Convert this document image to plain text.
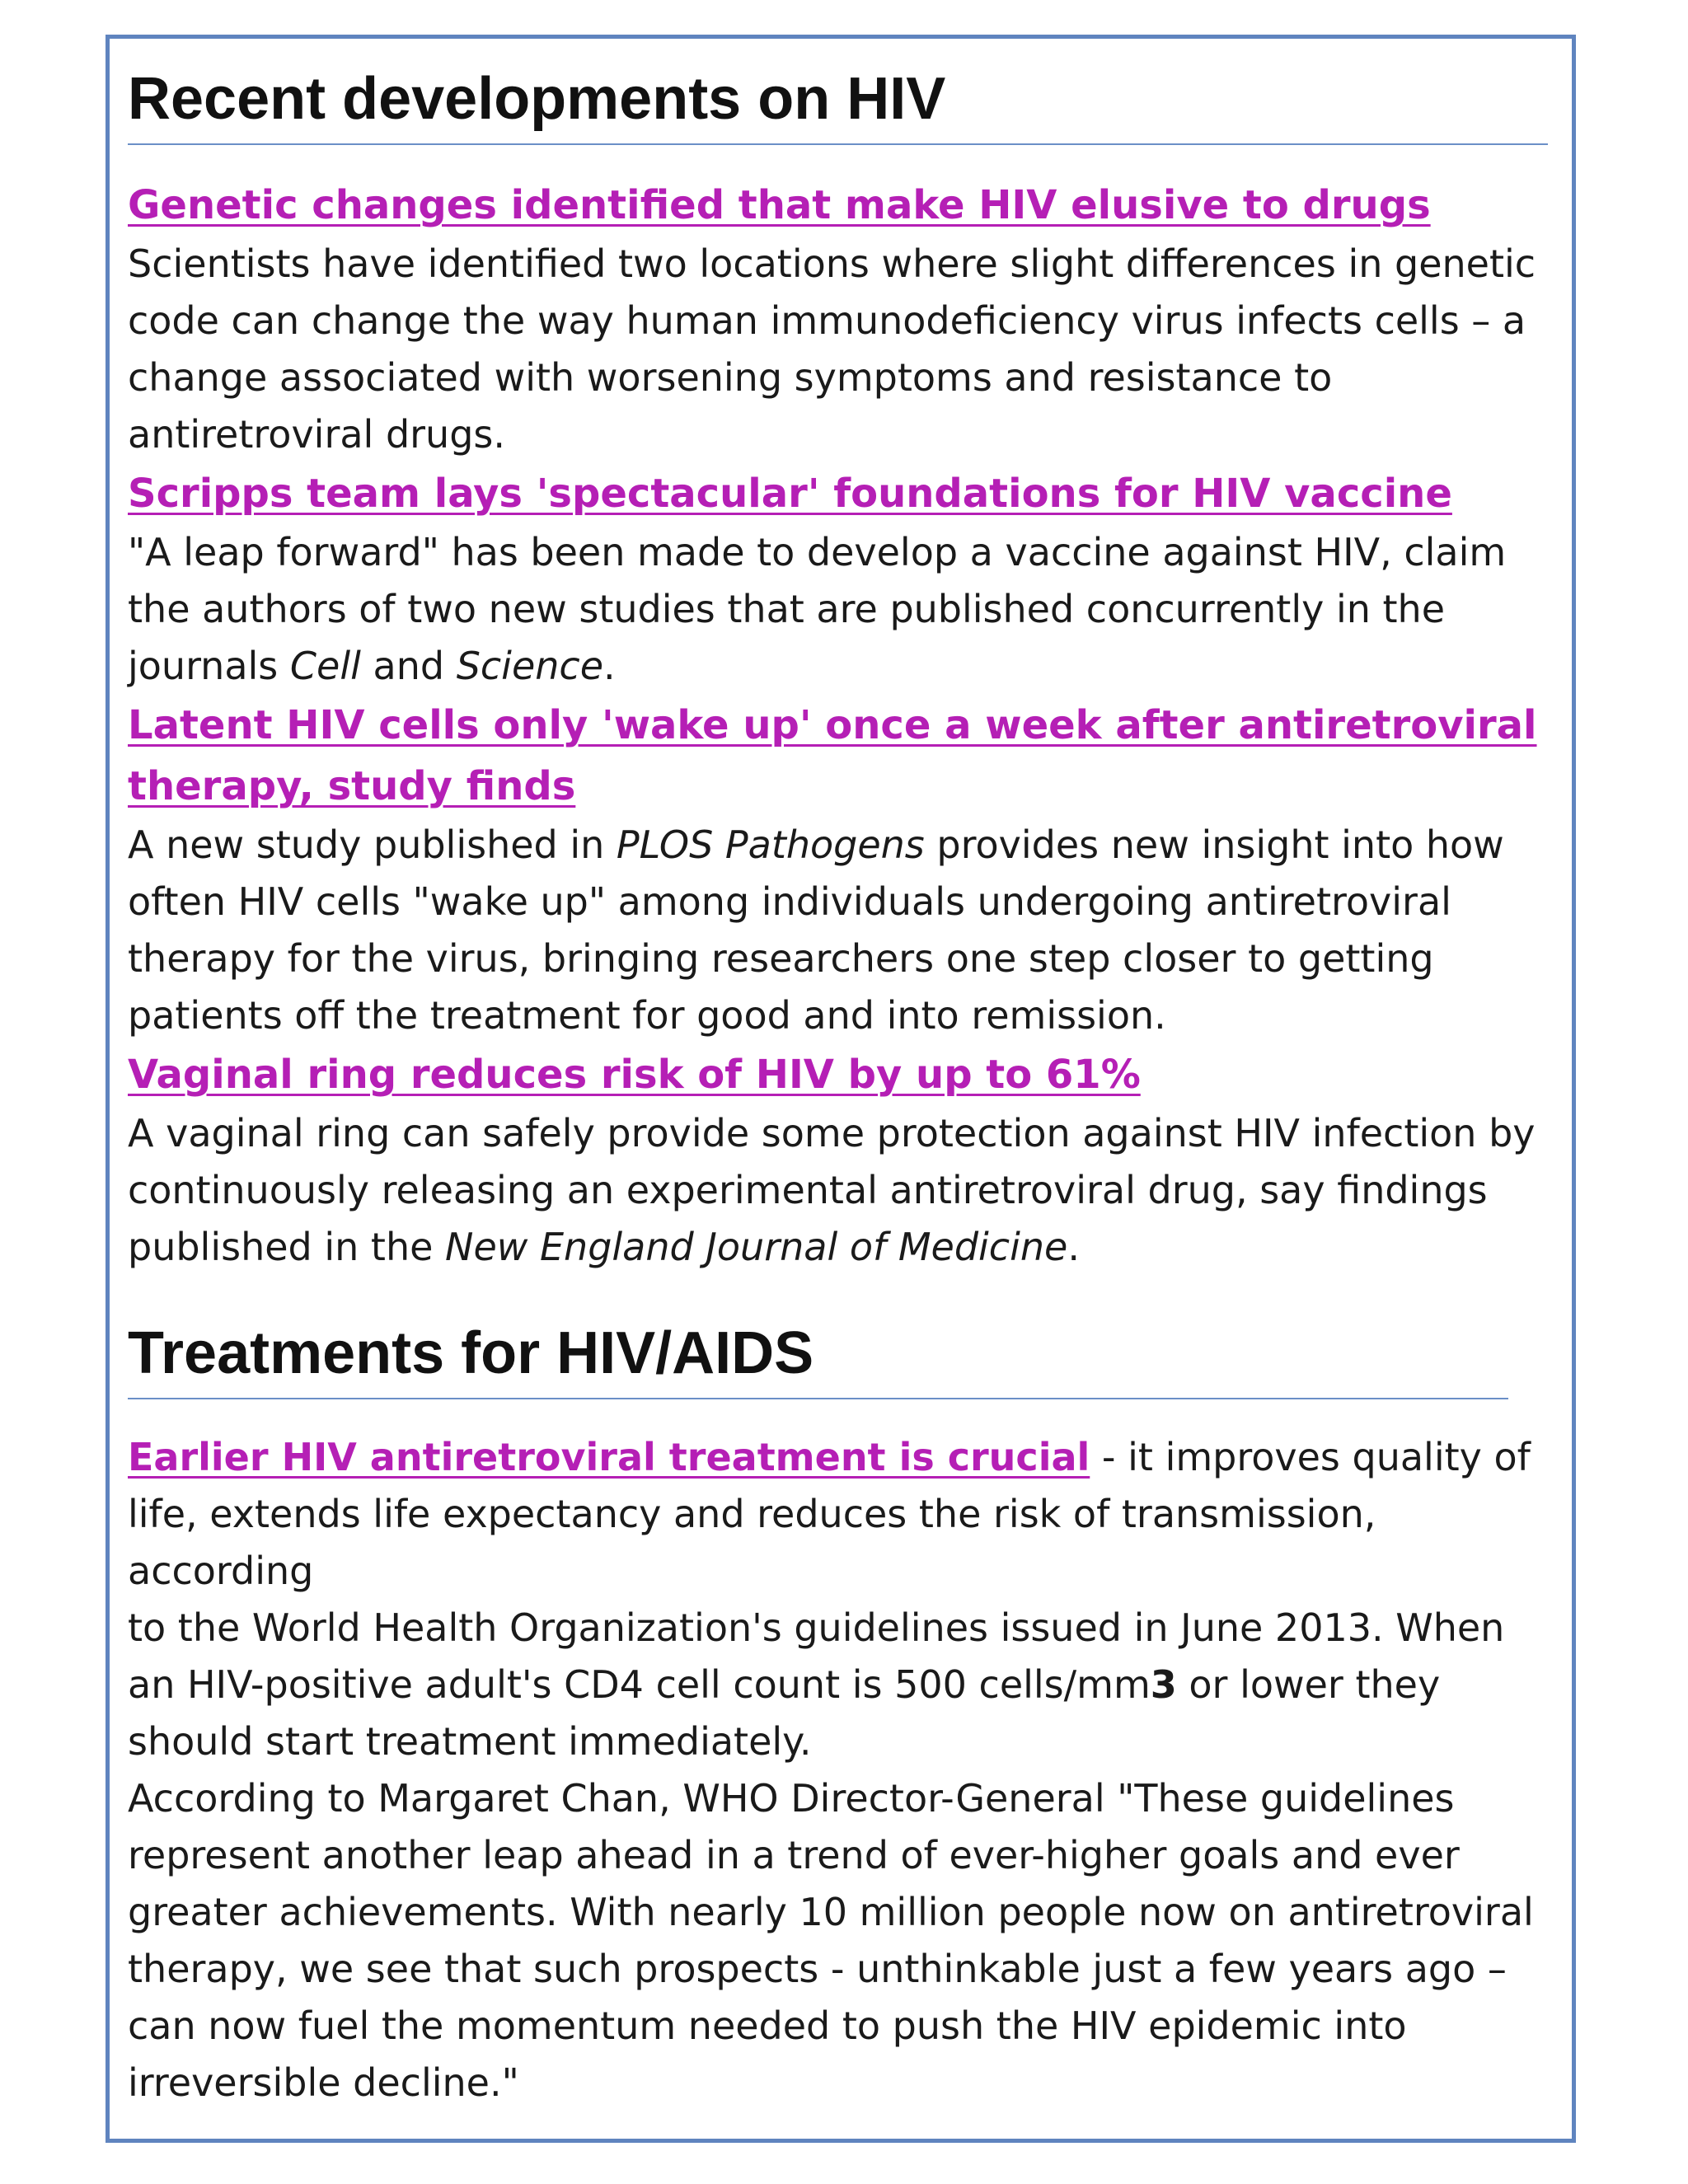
Recent developments on HIV
Genetic changes identified that make HIV elusive to drugs

Scientists have identified two locations where slight differences in genetic
code can change the way human immunodeficiency virus infects cells – a
change associated with worsening symptoms and resistance to
antiretroviral drugs.

Scripps team lays 'spectacular' foundations for HIV vaccine

"A leap forward" has been made to develop a vaccine against HIV, claim
the authors of two new studies that are published concurrently in the
journals Cell and Science.

Latent HIV cells only 'wake up' once a week after antiretroviral
therapy, study finds

A new study published in PLOS Pathogens provides new insight into how
often HIV cells "wake up" among individuals undergoing antiretroviral
therapy for the virus, bringing researchers one step closer to getting
patients off the treatment for good and into remission.

Vaginal ring reduces risk of HIV by up to 61%

A vaginal ring can safely provide some protection against HIV infection by
continuously releasing an experimental antiretroviral drug, say findings
published in the New England Journal of Medicine.

Treatments for HIV/AIDS

Earlier HIV antiretroviral treatment is crucial - it improves quality of
life, extends life expectancy and reduces the risk of transmission, according
to the World Health Organization's guidelines issued in June 2013. When
an HIV-positive adult's CD4 cell count is 500 cells/mm3 or lower they
should start treatment immediately.

According to Margaret Chan, WHO Director-General "These guidelines
represent another leap ahead in a trend of ever-higher goals and ever
greater achievements. With nearly 10 million people now on antiretroviral
therapy, we see that such prospects - unthinkable just a few years ago –
can now fuel the momentum needed to push the HIV epidemic into
irreversible decline."
